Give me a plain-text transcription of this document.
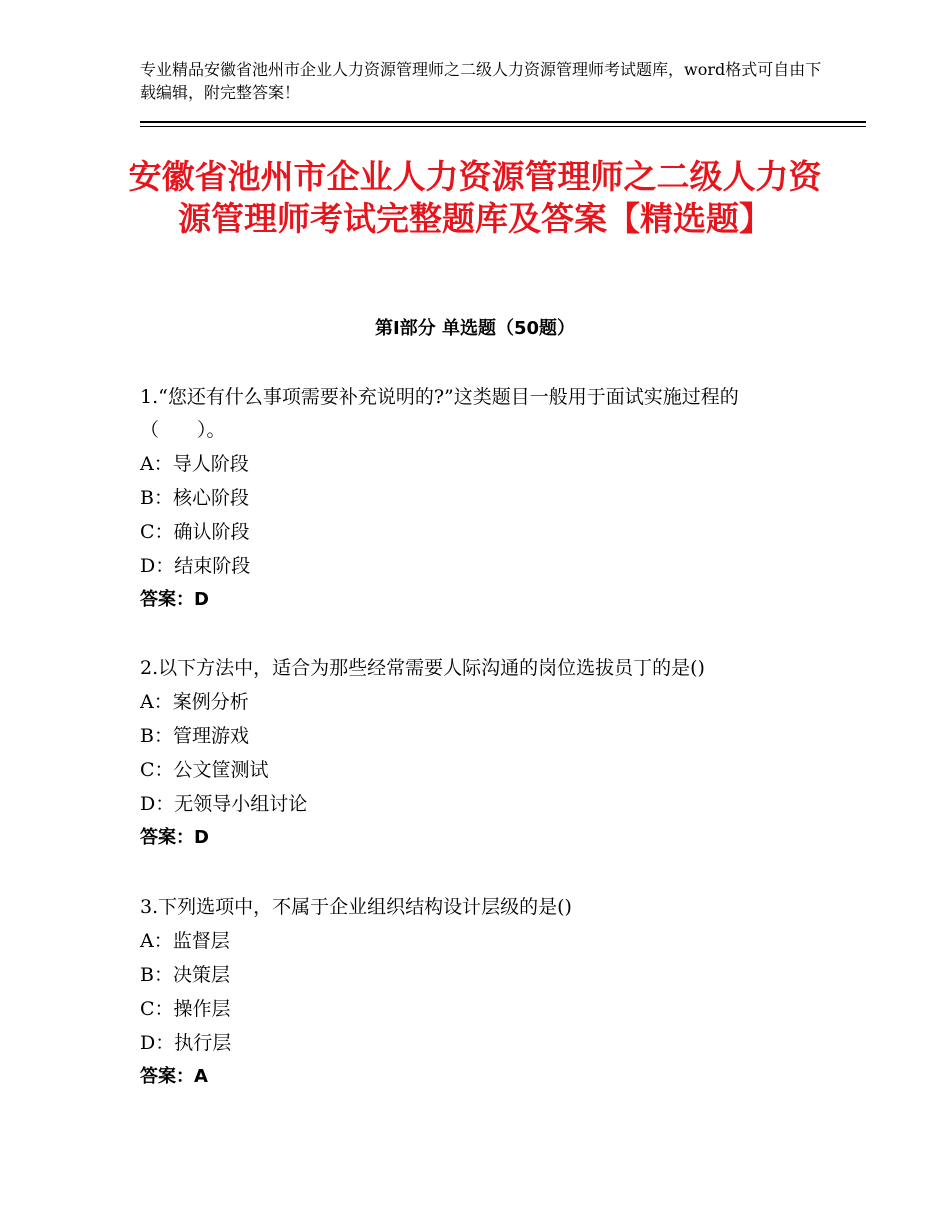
专业精品安徽省池州市企业人力资源管理师之二级人力资源管理师考试题库，word格式可自由下载编辑，附完整答案！
安徽省池州市企业人力资源管理师之二级人力资源管理师考试完整题库及答案【精选题】
第Ⅰ部分 单选题（50题）

1.“您还有什么事项需要补充说明的?”这类题目一般用于面试实施过程的（　　）。

A：导人阶段

B：核心阶段

C：确认阶段

D：结束阶段

答案：D

2.以下方法中，适合为那些经常需要人际沟通的岗位选拔员丁的是()

A：案例分析

B：管理游戏

C：公文筐测试

D：无领导小组讨论

答案：D

3.下列选项中，不属于企业组织结构设计层级的是()

A：监督层

B：决策层

C：操作层

D：执行层

答案：A
